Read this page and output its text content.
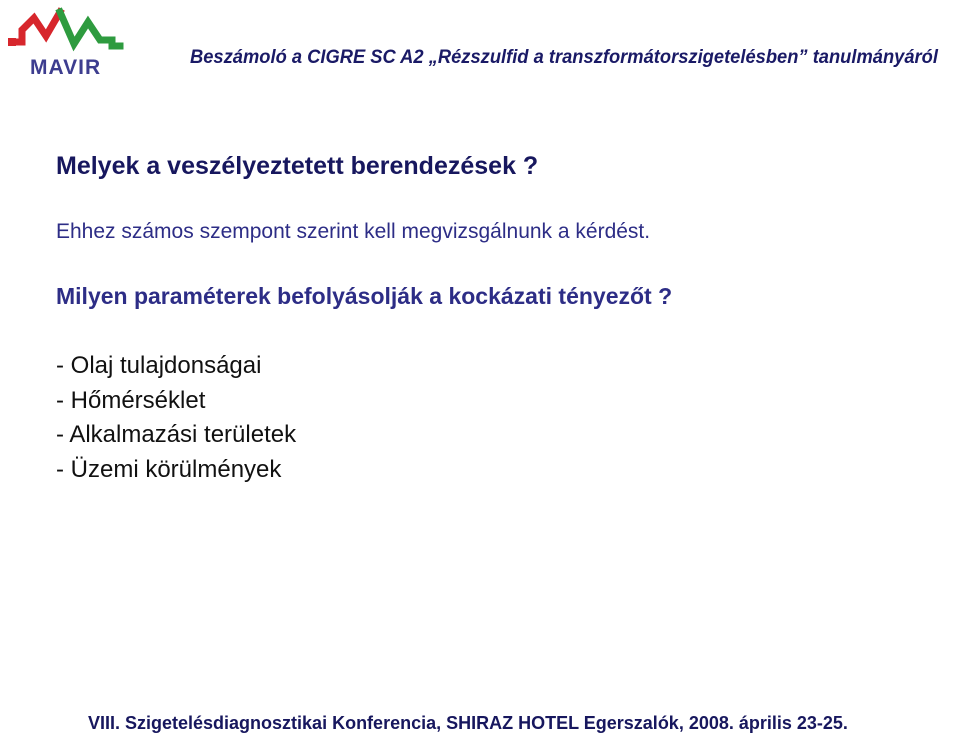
MAVIR	Beszámoló a CIGRE SC A2 „Rézszulfid a transzformátorszigetelésben” tanulmányáról
Melyek a veszélyeztetett berendezések ?
Ehhez számos szempont szerint kell megvizsgálnunk a kérdést.
Milyen paraméterek befolyásolják a kockázati tényezőt ?
- Olaj tulajdonságai
- Hőmérséklet
- Alkalmazási területek
- Üzemi körülmények
VIII. Szigetelésdiagnosztikai Konferencia, SHIRAZ HOTEL Egerszalók, 2008. április 23-25.
